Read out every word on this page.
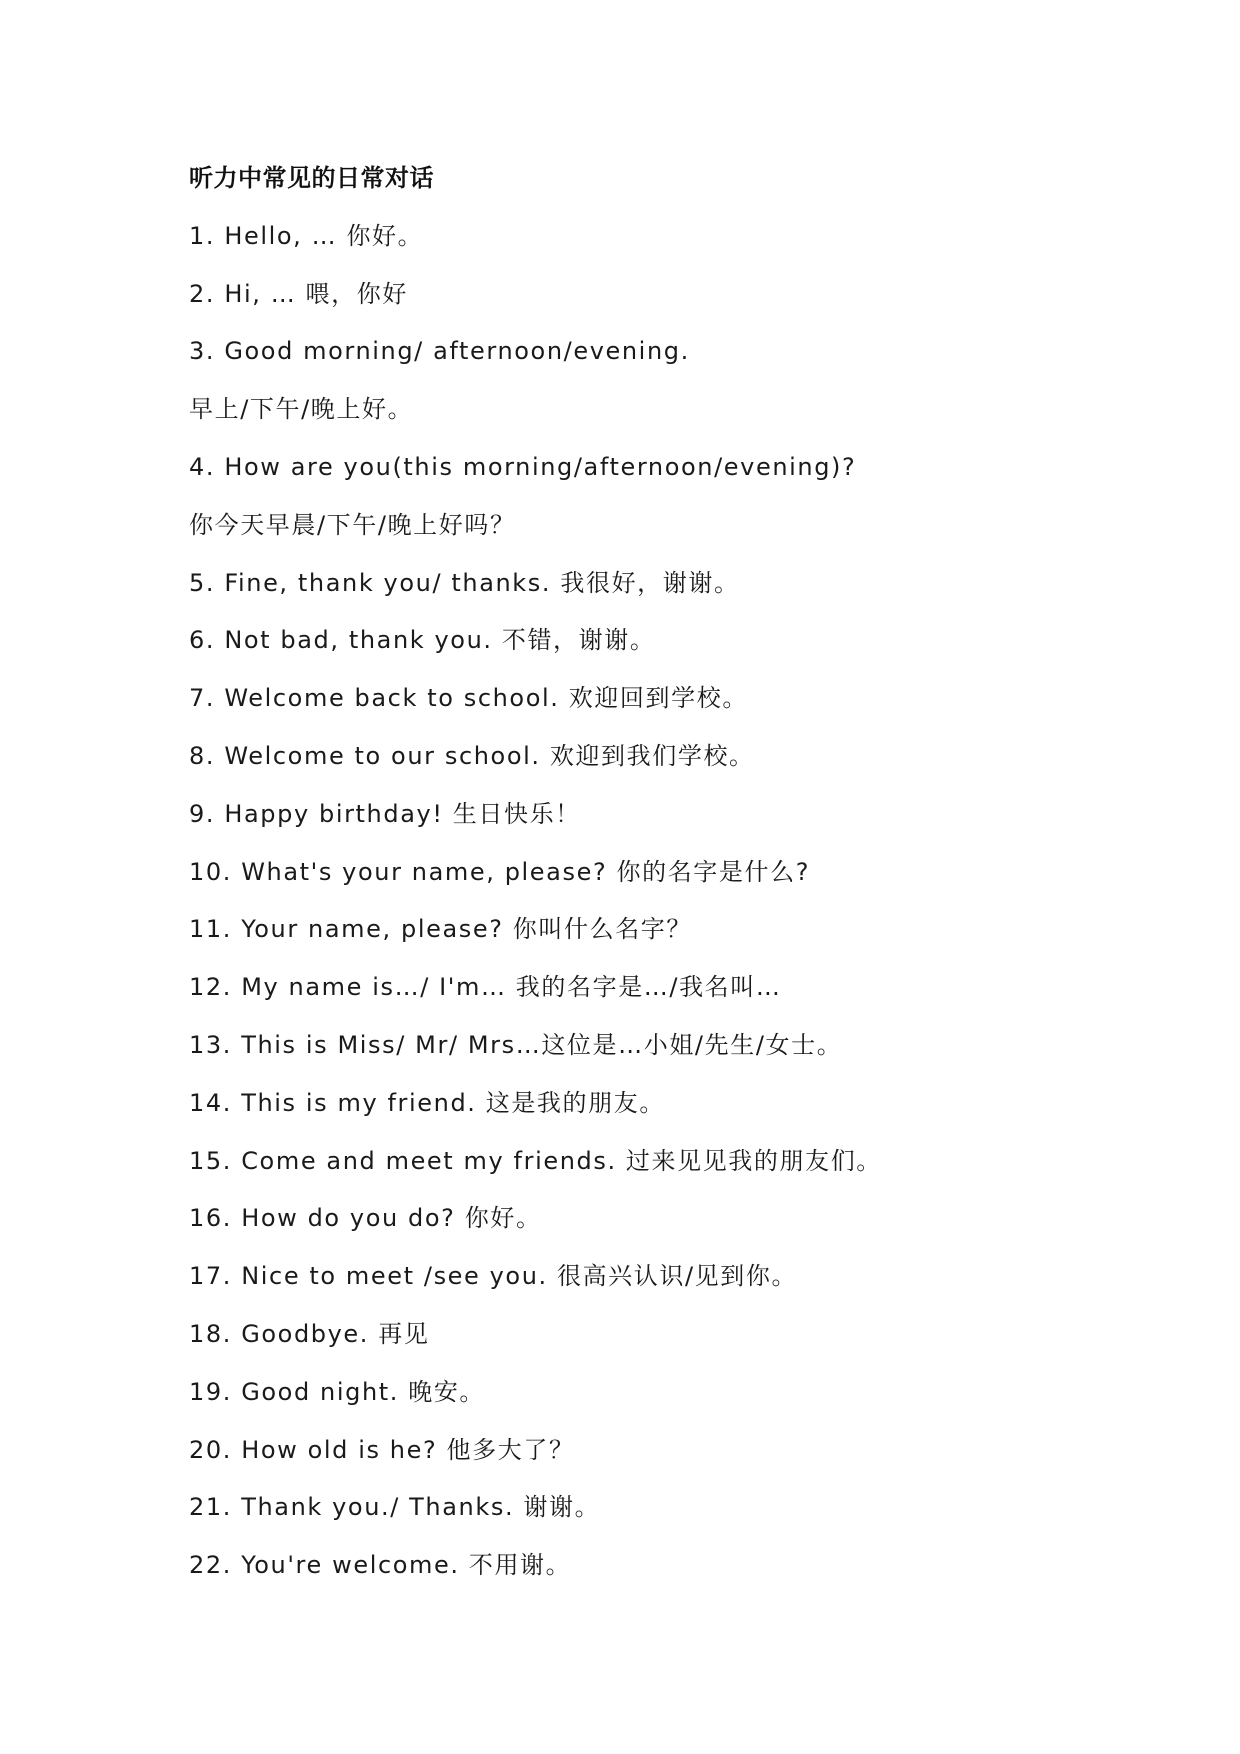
听力中常见的日常对话
1. Hello, … 你好。
2. Hi, … 喂，你好
3. Good morning/ afternoon/evening.
早上/下午/晚上好。
4. How are you(this morning/afternoon/evening)?
你今天早晨/下午/晚上好吗？
5. Fine, thank you/ thanks. 我很好，谢谢。
6. Not bad, thank you. 不错，谢谢。
7. Welcome back to school. 欢迎回到学校。
8. Welcome to our school. 欢迎到我们学校。
9. Happy birthday! 生日快乐！
10. What's your name, please? 你的名字是什么?
11. Your name, please? 你叫什么名字？
12. My name is…/ I'm… 我的名字是…/我名叫…
13. This is Miss/ Mr/ Mrs…这位是…小姐/先生/女士。
14. This is my friend. 这是我的朋友。
15. Come and meet my friends. 过来见见我的朋友们。
16. How do you do? 你好。
17. Nice to meet /see you. 很高兴认识/见到你。
18. Goodbye. 再见
19. Good night. 晚安。
20. How old is he? 他多大了？
21. Thank you./ Thanks. 谢谢。
22. You're welcome. 不用谢。
